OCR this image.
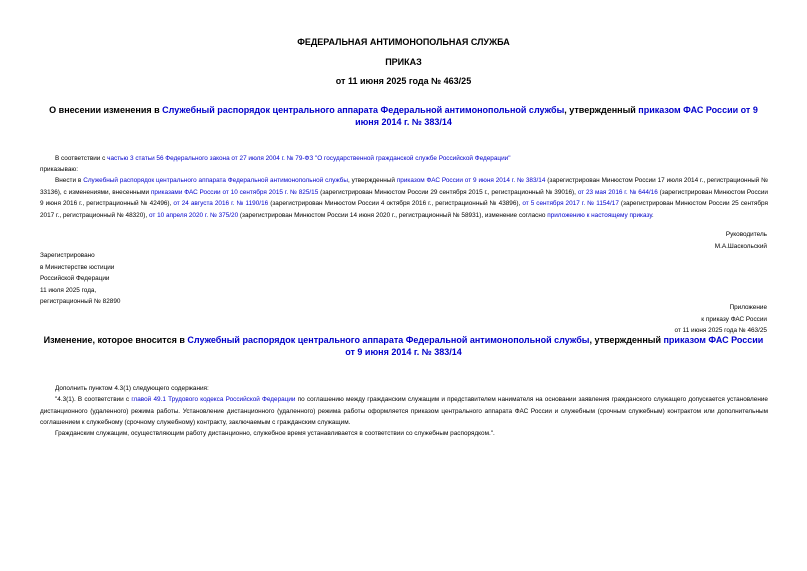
ФЕДЕРАЛЬНАЯ АНТИМОНОПОЛЬНАЯ СЛУЖБА
ПРИКАЗ
от 11 июня 2025 года № 463/25
О внесении изменения в Служебный распорядок центрального аппарата Федеральной антимонопольной службы, утвержденный приказом ФАС России от 9 июня 2014 г. № 383/14
В соответствии с частью 3 статьи 56 Федерального закона от 27 июля 2004 г. № 79-ФЗ "О государственной гражданской службе Российской Федерации"
приказываю:
Внести в Служебный распорядок центрального аппарата Федеральной антимонопольной службы, утвержденный приказом ФАС России от 9 июня 2014 г. № 383/14 (зарегистрирован Минюстом России 17 июля 2014 г., регистрационный № 33136), с изменениями, внесенными приказами ФАС России от 10 сентября 2015 г. № 825/15 (зарегистрирован Минюстом России 29 сентября 2015 г., регистрационный № 39016), от 23 мая 2016 г. № 644/16 (зарегистрирован Минюстом России 9 июня 2016 г., регистрационный № 42496), от 24 августа 2016 г. № 1190/16 (зарегистрирован Минюстом России 4 октября 2016 г., регистрационный № 43896), от 5 сентября 2017 г. № 1154/17 (зарегистрирован Минюстом России 25 сентября 2017 г., регистрационный № 48320), от 10 апреля 2020 г. № 375/20 (зарегистрирован Минюстом России 14 июня 2020 г., регистрационный № 58931), изменение согласно приложению к настоящему приказу.
Руководитель
М.А.Шаскольский
Зарегистрировано
в Министерстве юстиции
Российской Федерации
11 июля 2025 года,
регистрационный № 82890
Приложение
к приказу ФАС России
от 11 июня 2025 года № 463/25
Изменение, которое вносится в Служебный распорядок центрального аппарата Федеральной антимонопольной службы, утвержденный приказом ФАС России от 9 июня 2014 г. № 383/14
Дополнить пунктом 4.3(1) следующего содержания:
"4.3(1). В соответствии с главой 49.1 Трудового кодекса Российской Федерации по соглашению между гражданским служащим и представителем нанимателя на основании заявления гражданского служащего допускается установление дистанционного (удаленного) режима работы. Установление дистанционного (удаленного) режима работы оформляется приказом центрального аппарата ФАС России и служебным (срочным служебным) контрактом или дополнительным соглашением к служебному (срочному служебному) контракту, заключаемым с гражданским служащим.
Гражданским служащим, осуществляющим работу дистанционно, служебное время устанавливается в соответствии со служебным распорядком.".
